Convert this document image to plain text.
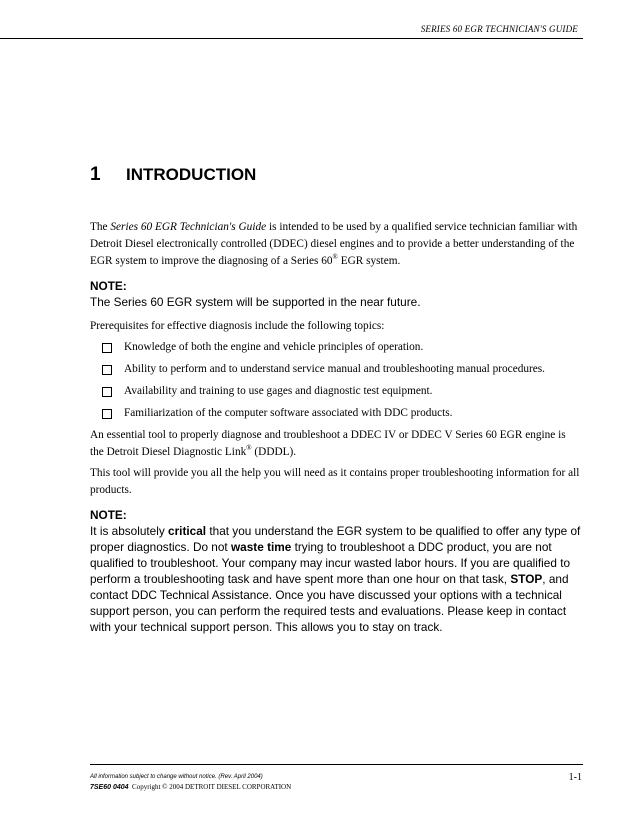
SERIES 60 EGR TECHNICIAN'S GUIDE
1	INTRODUCTION

The Series 60 EGR Technician's Guide is intended to be used by a qualified service technician familiar with Detroit Diesel electronically controlled (DDEC) diesel engines and to provide a better understanding of the EGR system to improve the diagnosing of a Series 60® EGR system.

NOTE:

The Series 60 EGR system will be supported in the near future.

Prerequisites for effective diagnosis include the following topics:

Knowledge of both the engine and vehicle principles of operation.
Ability to perform and to understand service manual and troubleshooting manual procedures.
Availability and training to use gages and diagnostic test equipment.
Familiarization of the computer software associated with DDC products.

An essential tool to properly diagnose and troubleshoot a DDEC IV or DDEC V Series 60 EGR engine is the Detroit Diesel Diagnostic Link® (DDDL).

This tool will provide you all the help you will need as it contains proper troubleshooting information for all products.

NOTE:

It is absolutely critical that you understand the EGR system to be qualified to offer any type of proper diagnostics. Do not waste time trying to troubleshoot a DDC product, you are not qualified to troubleshoot. Your company may incur wasted labor hours. If you are qualified to perform a troubleshooting task and have spent more than one hour on that task, STOP, and contact DDC Technical Assistance. Once you have discussed your options with a technical support person, you can perform the required tests and evaluations. Please keep in contact with your technical support person. This allows you to stay on track.

All information subject to change without notice. (Rev. April 2004)
7SE60 0404 Copyright © 2004 DETROIT DIESEL CORPORATION
1-1
